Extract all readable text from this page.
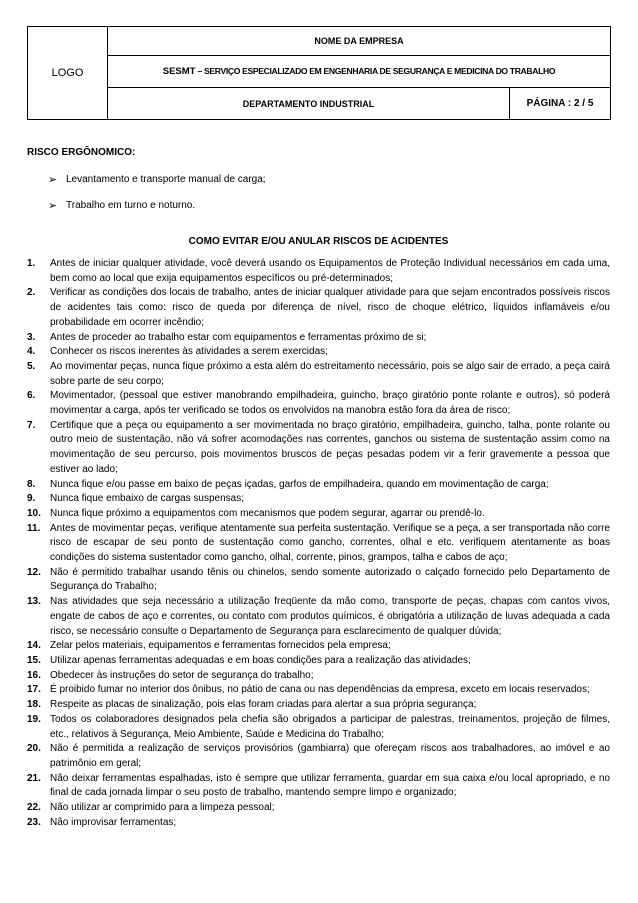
LOGO	NOME DA EMPRESA	
	SESMT – SERVIÇO ESPECIALIZADO EM ENGENHARIA DE SEGURANÇA E MEDICINA DO TRABALHO	
	DEPARTAMENTO INDUSTRIAL	PÁGINA : 2 / 5

RISCO ERGÔNOMICO:

➢ Levantamento e transporte manual de carga;
➢ Trabalho em turno e noturno.

COMO EVITAR E/OU ANULAR RISCOS DE ACIDENTES

1.	Antes de iniciar qualquer atividade, você deverá usando os Equipamentos de Proteção Individual necessários em cada uma, bem como ao local que exija equipamentos específicos ou pré-determinados;
2.	Verificar as condições dos locais de trabalho, antes de iniciar qualquer atividade para que sejam encontrados possíveis riscos de acidentes tais como: risco de queda por diferença de nível, risco de choque elétrico, líquidos inflamáveis e/ou probabilidade em ocorrer incêndio;
3.	Antes de proceder ao trabalho estar com equipamentos e ferramentas próximo de si;
4.	Conhecer os riscos inerentes às atividades a serem exercidas;
5.	Ao movimentar peças, nunca fique próximo a esta além do estreitamento necessário, pois se algo sair de errado, a peça cairá sobre parte de seu corpo;
6.	Movimentador, (pessoal que estiver manobrando empilhadeira, guincho, braço giratório ponte rolante e outros), só poderá movimentar a carga, após ter verificado se todos os envolvidos na manobra estão fora da área de risco;
7.	Certifique que a peça ou equipamento a ser movimentada no braço giratório, empilhadeira, guincho, talha, ponte rolante ou outro meio de sustentação, não vá sofrer acomodações nas correntes, ganchos ou sistema de sustentação assim como na movimentação de seu percurso, pois movimentos bruscos de peças pesadas podem vir a ferir gravemente a pessoa que estiver ao lado;
8.	Nunca fique e/ou passe em baixo de peças içadas, garfos de empilhadeira, quando em movimentação de carga;
9.	Nunca fique embaixo de cargas suspensas;
10. Nunca fique próximo a equipamentos com mecanismos que podem segurar, agarrar ou prendê-lo.
11. Antes de movimentar peças, verifique atentamente sua perfeita sustentação. Verifique se a peça, a ser transportada não corre risco de escapar de seu ponto de sustentação como gancho, correntes, olhal e etc. verifiquem atentamente as boas condições do sistema sustentador como gancho, olhal, corrente, pinos, grampos, talha e cabos de aço;
12. Não é permitido trabalhar usando tênis ou chinelos, sendo somente autorizado o calçado fornecido pelo Departamento de Segurança do Trabalho;
13. Nas atividades que seja necessário a utilização freqüente da mão como, transporte de peças, chapas com cantos vivos, engate de cabos de aço e correntes, ou contato com produtos químicos, é obrigatória a utilização de luvas adequada a cada risco, se necessário consulte o Departamento de Segurança para esclarecimento de qualquer dúvida;
14. Zelar pelos materiais, equipamentos e ferramentas fornecidos pela empresa;
15. Utilizar apenas ferramentas adequadas e em boas condições para a realização das atividades;
16. Obedecer às instruções do setor de segurança do trabalho;
17. É proibido fumar no interior dos ônibus, no pátio de cana ou nas dependências da empresa, exceto em locais reservados;
18. Respeite as placas de sinalização, pois elas foram criadas para alertar a sua própria segurança;
19. Todos os colaboradores designados pela chefia são obrigados a participar de palestras, treinamentos, projeção de filmes, etc., relativos à Segurança, Meio Ambiente, Saúde e Medicina do Trabalho;
20. Não é permitida a realização de serviços provisórios (gambiarra) que ofereçam riscos aos trabalhadores, ao imóvel e ao patrimônio em geral;
21. Não deixar ferramentas espalhadas, isto é sempre que utilizar ferramenta, guardar em sua caixa e/ou local apropriado, e no final de cada jornada limpar o seu posto de trabalho, mantendo sempre limpo e organizado;
22. Não utilizar ar comprimido para a limpeza pessoal;
23. Não improvisar ferramentas;
